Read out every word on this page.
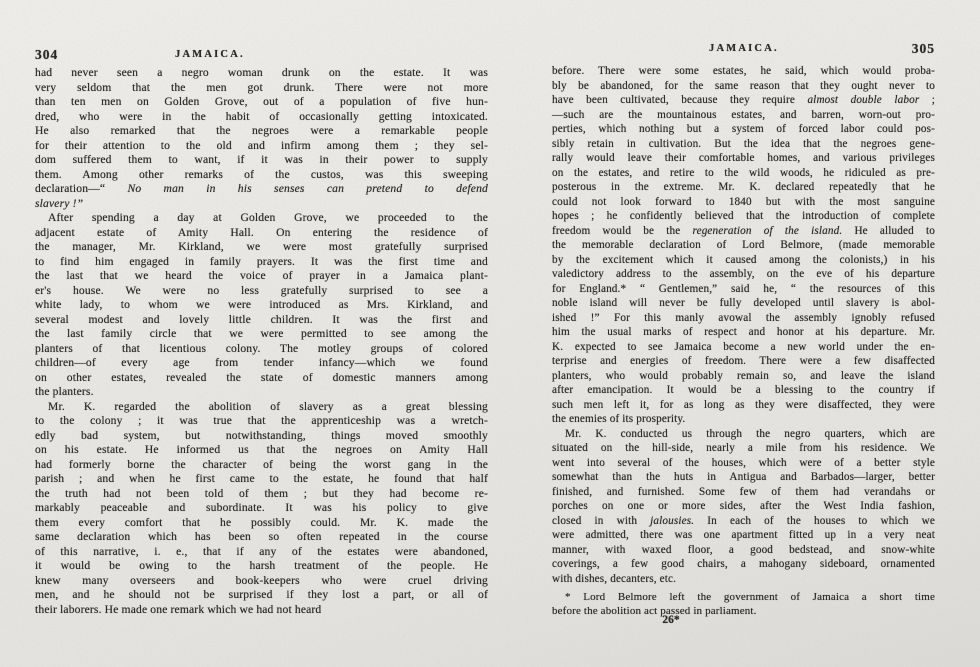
304	JAMAICA.
had never seen a negro woman drunk on the estate. It was
very seldom that the men got drunk. There were not more
than ten men on Golden Grove, out of a population of five hun-
dred, who were in the habit of occasionally getting intoxicated.
He also remarked that the negroes were a remarkable people
for their attention to the old and infirm among them ; they sel-
dom suffered them to want, if it was in their power to supply
them. Among other remarks of the custos, was this sweeping
declaration—“ No man in his senses can pretend to defend
slavery !”
After spending a day at Golden Grove, we proceeded to the
adjacent estate of Amity Hall. On entering the residence of
the manager, Mr. Kirkland, we were most gratefully surprised
to find him engaged in family prayers. It was the first time and
the last that we heard the voice of prayer in a Jamaica plant-
er's house. We were no less gratefully surprised to see a
white lady, to whom we were introduced as Mrs. Kirkland, and
several modest and lovely little children. It was the first and
the last family circle that we were permitted to see among the
planters of that licentious colony. The motley groups of colored
children—of every age from tender infancy—which we found
on other estates, revealed the state of domestic manners among
the planters.
Mr. K. regarded the abolition of slavery as a great blessing
to the colony ; it was true that the apprenticeship was a wretch-
edly bad system, but notwithstanding, things moved smoothly
on his estate. He informed us that the negroes on Amity Hall
had formerly borne the character of being the worst gang in the
parish ; and when he first came to the estate, he found that half
the truth had not been told of them ; but they had become re-
markably peaceable and subordinate. It was his policy to give
them every comfort that he possibly could. Mr. K. made the
same declaration which has been so often repeated in the course
of this narrative, i. e., that if any of the estates were abandoned,
it would be owing to the harsh treatment of the people. He
knew many overseers and book-keepers who were cruel driving
men, and he should not be surprised if they lost a part, or all of
their laborers. He made one remark which we had not heard
JAMAICA.	305
before. There were some estates, he said, which would proba-
bly be abandoned, for the same reason that they ought never to
have been cultivated, because they require almost double labor ;
—such are the mountainous estates, and barren, worn-out pro-
perties, which nothing but a system of forced labor could pos-
sibly retain in cultivation. But the idea that the negroes gene-
rally would leave their comfortable homes, and various privileges
on the estates, and retire to the wild woods, he ridiculed as pre-
posterous in the extreme. Mr. K. declared repeatedly that he
could not look forward to 1840 but with the most sanguine
hopes ; he confidently believed that the introduction of complete
freedom would be the regeneration of the island. He alluded to
the memorable declaration of Lord Belmore, (made memorable
by the excitement which it caused among the colonists,) in his
valedictory address to the assembly, on the eve of his departure
for England.* “ Gentlemen,” said he, “ the resources of this
noble island will never be fully developed until slavery is abol-
ished !” For this manly avowal the assembly ignobly refused
him the usual marks of respect and honor at his departure. Mr.
K. expected to see Jamaica become a new world under the en-
terprise and energies of freedom. There were a few disaffected
planters, who would probably remain so, and leave the island
after emancipation. It would be a blessing to the country if
such men left it, for as long as they were disaffected, they were
the enemies of its prosperity.
Mr. K. conducted us through the negro quarters, which are
situated on the hill-side, nearly a mile from his residence. We
went into several of the houses, which were of a better style
somewhat than the huts in Antigua and Barbados—larger, better
finished, and furnished. Some few of them had verandahs or
porches on one or more sides, after the West India fashion,
closed in with jalousies. In each of the houses to which we
were admitted, there was one apartment fitted up in a very neat
manner, with waxed floor, a good bedstead, and snow-white
coverings, a few good chairs, a mahogany sideboard, ornamented
with dishes, decanters, etc.
* Lord Belmore left the government of Jamaica a short time
before the abolition act passed in parliament.
26*
